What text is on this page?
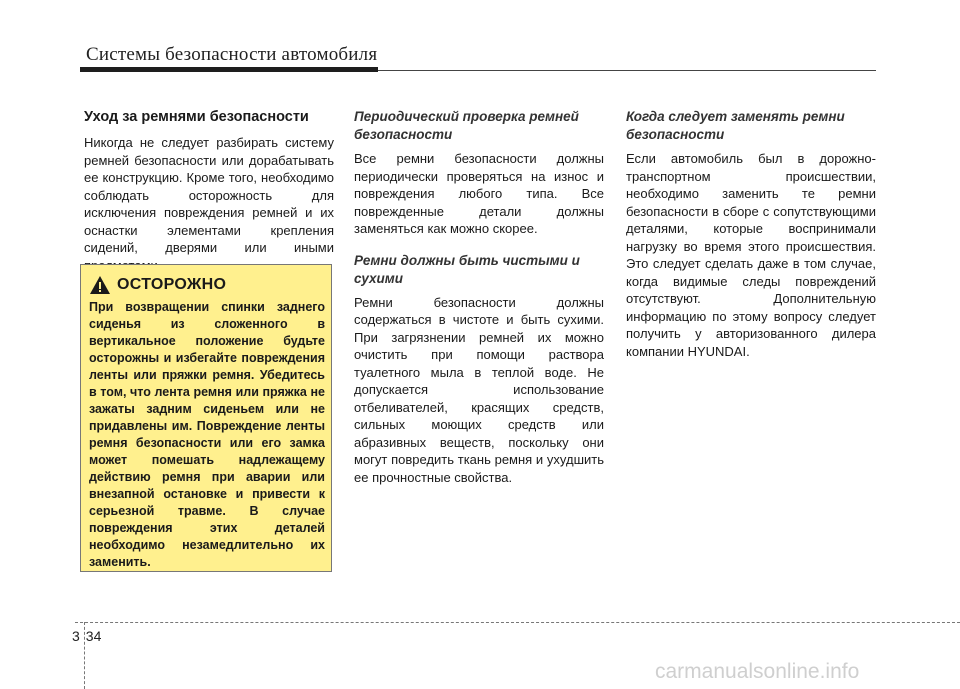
Системы безопасности автомобиля
Уход за ремнями безопасности

Никогда не следует разбирать систему ремней безопасности или дорабатывать ее конструкцию. Кроме того, необходимо соблюдать осторожность для исключения повреждения ремней и их оснастки элементами крепления сидений, дверями или иными

ОСТОРОЖНО
При возвращении спинки заднего сиденья из сложенного в вертикальное положение будьте осторожны и избегайте повреждения ленты или пряжки ремня. Убедитесь в том, что лента ремня или пряжка не зажаты задним сиденьем или не придавлены им. Повреждение ленты ремня безопасности или его замка может помешать надлежащему действию ремня при аварии или внезапной остановке и привести к серьезной травме. В случае повреждения этих деталей необходимо незамедлительно их заменить.
Периодический проверка ремней безопасности

Все ремни безопасности должны периодически проверяться на износ и повреждения любого типа. Все поврежденные детали должны заменяться как можно скорее.

Ремни должны быть чистыми и сухими

Ремни безопасности должны содержаться в чистоте и быть сухими. При загрязнении ремней их можно очистить при помощи раствора туалетного мыла в теплой воде. Не допускается использование отбеливателей, красящих средств, сильных моющих средств или абразивных веществ, поскольку они могут повредить ткань ремня и ухудшить ее прочностные свойства.

Когда следует заменять ремни безопасности

Если автомобиль был в дорожно-транспортном происшествии, необходимо заменить те ремни безопасности в сборе с сопутствующими деталями, которые воспринимали нагрузку во время этого происшествия. Это следует сделать даже в том случае, когда видимые следы повреждений отсутствуют. Дополнительную информацию по этому вопросу следует получить у авторизованного дилера компании HYUNDAI.

3 34
carmanualsonline.info
